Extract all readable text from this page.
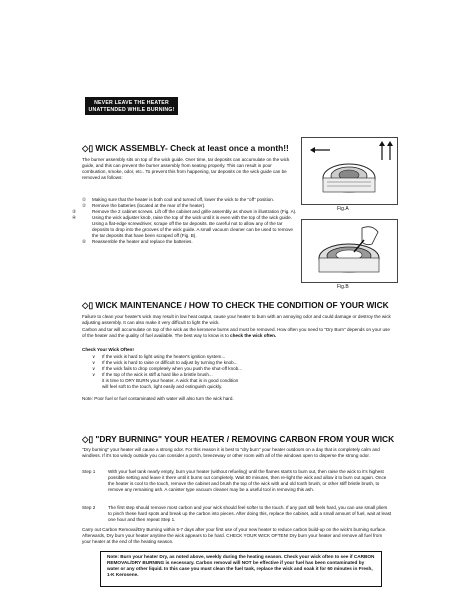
NEVER LEAVE THE HEATER
UNATTENDED WHILE BURNING!
◇▯ WICK ASSEMBLY- Check at least once a month!!
The burner assembly sits on top of the wick guide. Over time, tar deposits can accumulate on the wick guide, and this can prevent the burner assembly from seating properly. This can result in poor combustion, smoke, odor, etc.. To prevent this from happening, tar deposits on the wick guide can be removed as follows:
① Making sure that the heater is both cool and turned off, lower the wick to the "off" position.
② Remove the batteries (located at the rear of the heater).
③	Remove the 2 cabinet screws. Lift off the cabinet and grille assembly as shown in illustration (Fig. A).
④	Using the wick adjuster knob, raise the top of the wick until it is even with the top of the wick guide. Using a flat-edge screwdriver, scrape off the tar deposits. Be careful not to allow any of the tar deposits to drop into the grooves of the wick guide. A small vacuum cleaner can be used to remove the tar deposits that have been scraped off (Fig. B).
⑤ Reassemble the heater and replace the batteries.
Fig.A
Fig.B
◇▯ WICK MAINTENANCE / HOW TO CHECK THE CONDITION OF YOUR WICK
Failure to clean your heater's wick may result in low heat output, cause your heater to burn with an annoying odor and could damage or destroy the wick adjusting assembly. It can also make it very difficult to light the wick.
Carbon and tar will accumulate on top of the wick as the kerosene burns and must be removed. How often you need to "Dry Burn" depends on your use of the heater and the quality of fuel available. The best way to know is to check the wick often.
Check Your Wick Often!
∨ If the wick is hard to light using the heater's ignition system...
∨ If the wick is hard to raise or difficult to adjust by turning the knob...
∨ If the wick fails to drop completely when you push the shut-off knob...
∨ If the top of the wick is stiff & hard like a bristle brush...
it is time to DRY BURN your heater. A wick that is in good condition
will feel soft to the touch, light easily and extinguish quickly.
Note: Poor fuel or fuel contaminated with water will also turn the wick hard.
◇▯ "DRY BURNING" YOUR HEATER / REMOVING CARBON FROM YOUR WICK
"Dry burning" your heater will cause a strong odor. For this reason it is best to "dry burn" your heater outdoors on a day that is completely calm and windless. If it's too windy outside you can consider a porch, breezeway or other room with all of the windows open to disperse the strong odor.
Step 1	With your fuel tank nearly empty, burn your heater (without refueling) until the flames starts to burn out, then raise the wick to it's highest possible setting and leave it there until it burns out completely. Wait 60 minutes, then re-light the wick and allow it to burn out again. Once the heater is cool to the touch, remove the cabinet and brush the top of the wick with and old tooth brush, or other stiff bristle brush, to remove any remaining ash. A canister type vacuum cleaner may be a useful tool in removing this ash.
Step 2	The first step should remove most carbon and your wick should feel softer to the touch. If any part still feels hard, you can use small pliers to pinch these hard spots and break up the carbon into pieces. After doing this, replace the cabinet, add a small amount of fuel, wait at least one hour and then repeat Step 1.
Carry out Carbon Removal/Dry Burning within 5-7 days after your first use of your new heater to reduce carbon build-up on the wick's burning surface. Afterwards, Dry burn your heater anytime the wick appears to be hard. CHECK YOUR WICK OFTEN! Dry burn your heater and remove all fuel from your heater at the end of the heating season.
Note: Burn your heater Dry, as noted above, weekly during the heating season. Check your wick often to see if CARBON REMOVAL/DRY BURNING is necessary. Carbon removal will NOT be effective if your fuel has been contaminated by water or any other liquid. In this case you must clean the fuel tank, replace the wick and soak it for 60 minutes in Fresh, 1-K Kerosene.
